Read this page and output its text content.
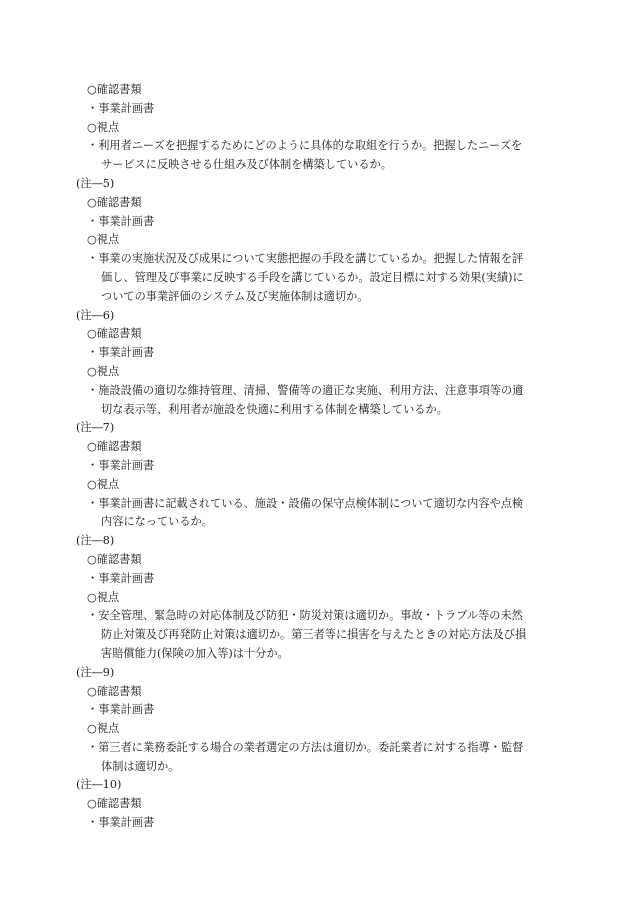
○確認書類
・事業計画書
○視点
・利用者ニーズを把握するためにどのように具体的な取組を行うか。把握したニーズを
サービスに反映させる仕組み及び体制を構築しているか。
(注―5)
○確認書類
・事業計画書
○視点
・事業の実施状況及び成果について実態把握の手段を講じているか。把握した情報を評
価し、管理及び事業に反映する手段を講じているか。設定目標に対する効果(実績)に
ついての事業評価のシステム及び実施体制は適切か。
(注―6)
○確認書類
・事業計画書
○視点
・施設設備の適切な維持管理、清掃、警備等の適正な実施、利用方法、注意事項等の適
切な表示等、利用者が施設を快適に利用する体制を構築しているか。
(注―7)
○確認書類
・事業計画書
○視点
・事業計画書に記載されている、施設・設備の保守点検体制について適切な内容や点検
内容になっているか。
(注―8)
○確認書類
・事業計画書
○視点
・安全管理、緊急時の対応体制及び防犯・防災対策は適切か。事故・トラブル等の未然
防止対策及び再発防止対策は適切か。第三者等に損害を与えたときの対応方法及び損
害賠償能力(保険の加入等)は十分か。
(注―9)
○確認書類
・事業計画書
○視点
・第三者に業務委託する場合の業者選定の方法は適切か。委託業者に対する指導・監督
体制は適切か。
(注―10)
○確認書類
・事業計画書
